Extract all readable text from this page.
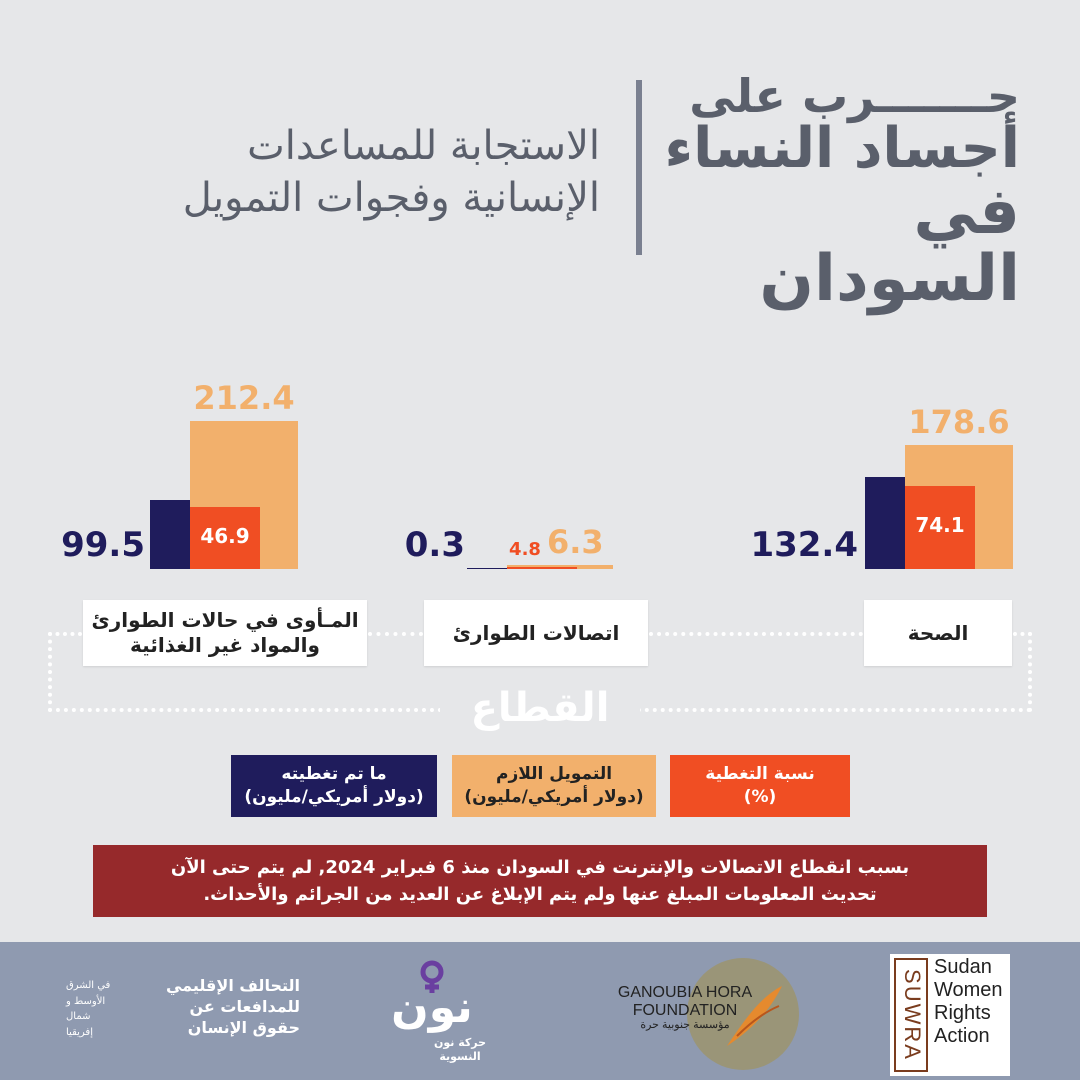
حـــــــرب على
أجساد النساء
في السودان
الاستجابة للمساعدات
الإنسانية وفجوات التمويل
212.4
99.5	46.9	6.3
0.3 4.8
178.6
132.4	74.1
المـأوى في حالات الطوارئ
والمواد غير الغذائية
اتصالات الطوارئ	الصحة
القطاع
ما تم تغطيته
(دولار أمريكي/مليون)
التمويل اللازم
(دولار أمريكي/مليون)
نسبة التغطية
(%)
بسبب انقطاع الاتصالات والإنترنت في السودان منذ 6 فبراير 2024, لم يتم حتى الآن
تحديث المعلومات المبلغ عنها ولم يتم الإبلاغ عن العديد من الجرائم والأحداث.
التحالف الإقليمي
للمدافعات عن
حقوق الإنسان
في الشرق
الأوسط و
شمال
إفريقيا	نون
حركة نون
النسوية
GANOUBIA HORA
FOUNDATION
مؤسسة جنوبية حرة	SUWRA
Sudan
Women
Rights
Action
